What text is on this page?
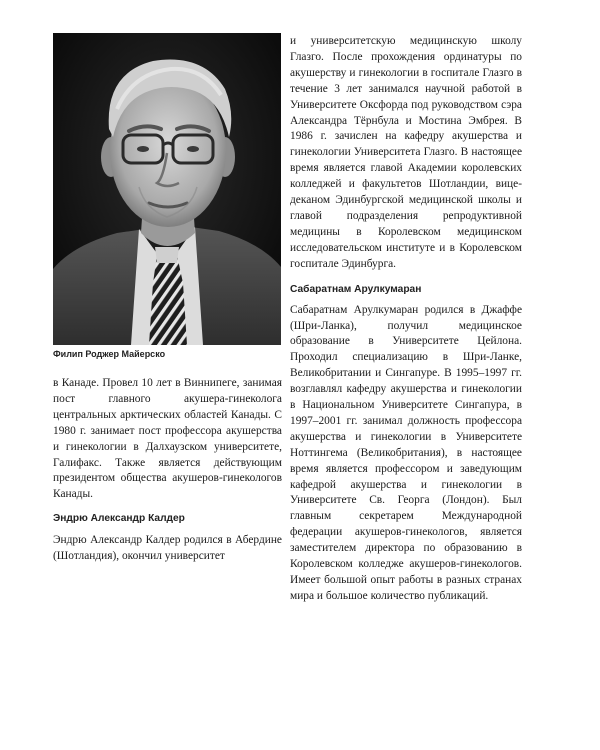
Филип Роджер Майерско

в Канаде. Провел 10 лет в Виннипеге, занимая пост главного акушера-гинеколога центральных арктических областей Канады. С 1980 г. занимает пост профессора акушерства и гинекологии в Далхаузском университете, Галифакс. Также является действующим президентом общества акушеров-гинекологов Канады.

Эндрю Александр Калдер

Эндрю Александр Калдер родился в Абердине (Шотландия), окончил университет

и университетскую медицинскую школу Глазго. После прохождения ординатуры по акушерству и гинекологии в госпитале Глазго в течение 3 лет занимался научной работой в Университете Оксфорда под руководством сэра Александра Тёрнбула и Мостина Эмбрея. В 1986 г. зачислен на кафедру акушерства и гинекологии Университета Глазго. В настоящее время является главой Академии королевских колледжей и факультетов Шотландии, вице-деканом Эдинбургской медицинской школы и главой подразделения репродуктивной медицины в Королевском медицинском исследовательском институте и в Королевском госпитале Эдинбурга.

Сабаратнам Арулкумаран

Сабаратнам Арулкумаран родился в Джаффе (Шри-Ланка), получил медицинское образование в Университете Цейлона. Проходил специализацию в Шри-Ланке, Великобритании и Сингапуре. В 1995–1997 гг. возглавлял кафедру акушерства и гинекологии в Национальном Университете Сингапура, в 1997–2001 гг. занимал должность профессора акушерства и гинекологии в Университете Ноттингема (Великобритания), в настоящее время является профессором и заведующим кафедрой акушерства и гинекологии в Университете Св. Георга (Лондон). Был главным секретарем Международной федерации акушеров-гинекологов, является заместителем директора по образованию в Королевском колледже акушеров-гинекологов. Имеет большой опыт работы в разных странах мира и большое количество публикаций.
